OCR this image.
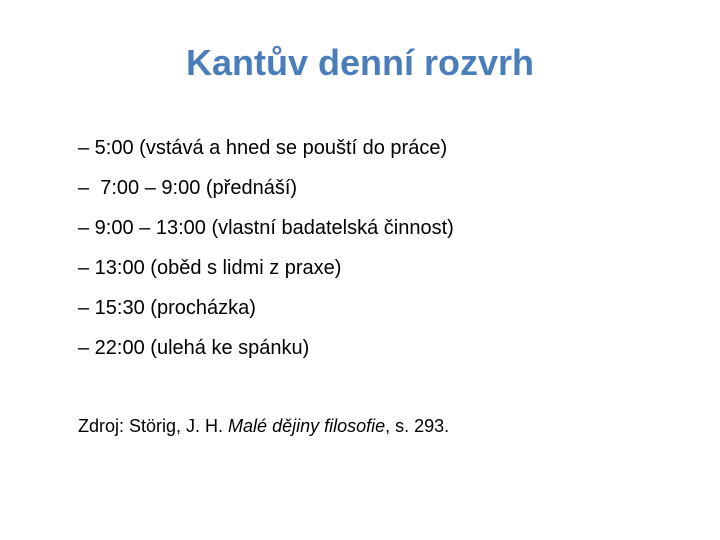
Kantův denní rozvrh
– 5:00 (vstává a hned se pouští do práce)
–  7:00 – 9:00 (přednáší)
– 9:00 – 13:00 (vlastní badatelská činnost)
– 13:00 (oběd s lidmi z praxe)
– 15:30 (procházka)
– 22:00 (ulehá ke spánku)
Zdroj: Störig, J. H. Malé dějiny filosofie, s. 293.
